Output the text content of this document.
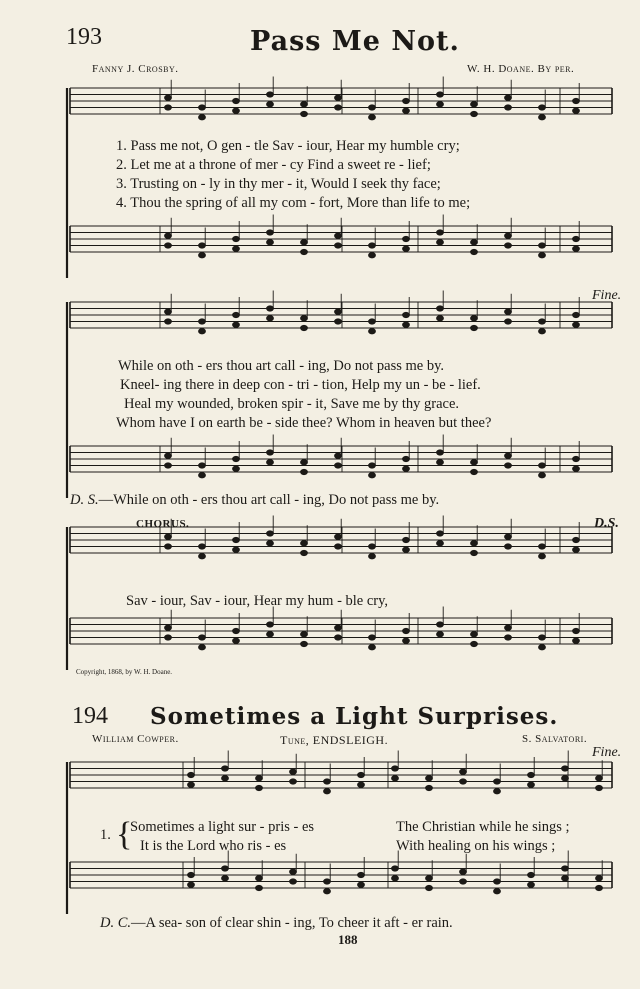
193	Pass Me Not.
Fanny J. Crosby.	W. H. Doane. By per.
1. Pass me not, O gen - tle Sav - iour, Hear my humble cry;
2. Let me at a throne of mer - cy Find a sweet re - lief;
3. Trusting on - ly in thy mer - it, Would I seek thy face;
4. Thou the spring of all my com - fort, More than life to me;
Fine.
While on oth - ers thou art call - ing, Do not pass me by.
Kneel- ing there in deep con - tri - tion, Help my un - be - lief.
Heal my wounded, broken spir - it, Save me by thy grace.
Whom have I on earth be - side thee? Whom in heaven but thee?
D. S.—While on oth - ers thou art call - ing, Do not pass me by.
CHORUS.	D.S.
Sav - iour, Sav - iour, Hear my hum - ble cry,
Copyright, 1868, by W. H. Doane.
194 Sometimes a Light Surprises.
William Cowper.	Tune, ENDSLEIGH.	S. Salvatori.
Fine.
1. {
Sometimes a light sur - pris - es	The Christian while he sings ;
It is the Lord who ris - es	With healing on his wings ;
D. C.—A sea- son of clear shin - ing, To cheer it aft - er rain.
188
